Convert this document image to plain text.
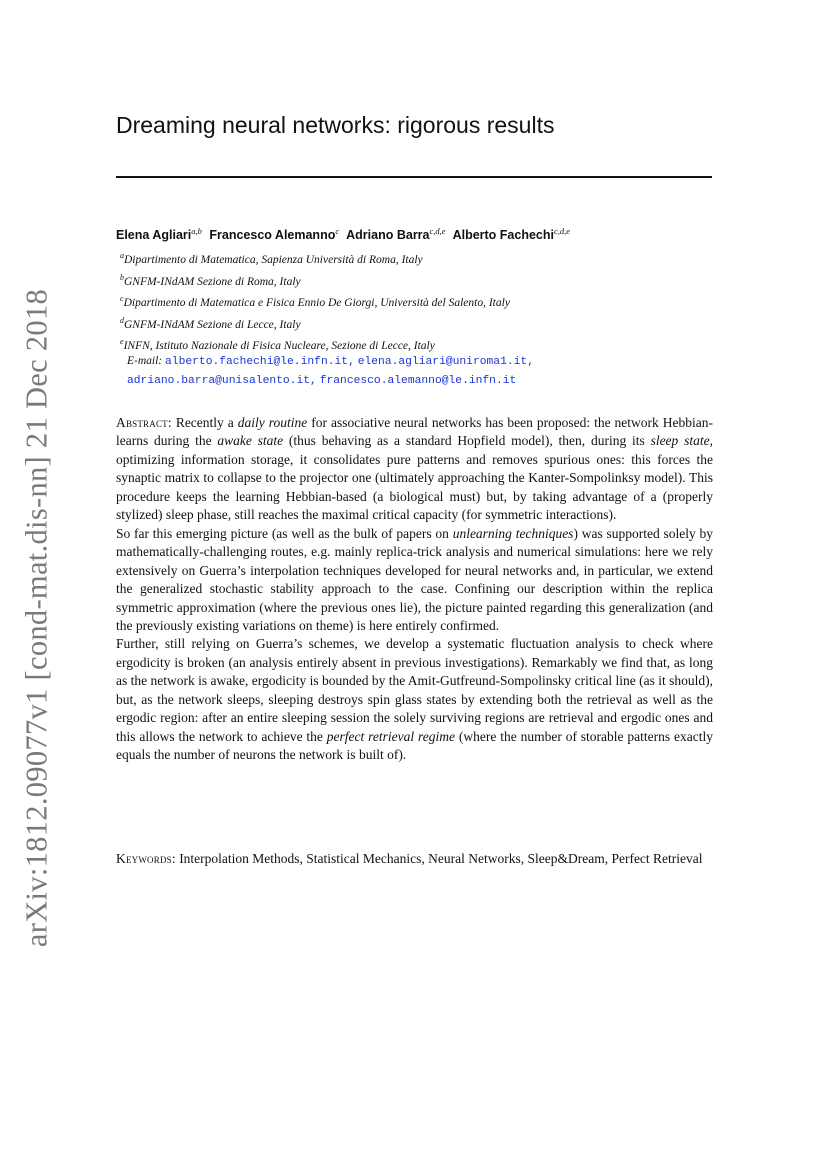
arXiv:1812.09077v1 [cond-mat.dis-nn] 21 Dec 2018
Dreaming neural networks: rigorous results
Elena Agliari$^{a,b}$ Francesco Alemanno$^c$ Adriano Barra$^{c,d,e}$ Alberto Fachechi$^{c,d,e}$
$^a$Dipartimento di Matematica, Sapienza Università di Roma, Italy
$^b$GNFM-INdAM Sezione di Roma, Italy
$^c$Dipartimento di Matematica e Fisica Ennio De Giorgi, Università del Salento, Italy
$^d$GNFM-INdAM Sezione di Lecce, Italy
$^e$INFN, Istituto Nazionale di Fisica Nucleare, Sezione di Lecce, Italy
E-mail: alberto.fachechi@le.infn.it, elena.agliari@uniroma1.it,
adriano.barra@unisalento.it, francesco.alemanno@le.infn.it

Abstract: Recently a daily routine for associative neural networks has been proposed: the network Hebbian-learns during the awake state (thus behaving as a standard Hopfield model), then, during its sleep state, optimizing information storage, it consolidates pure patterns and removes spurious ones: this forces the synaptic matrix to collapse to the projector one (ultimately approaching the Kanter-Sompolinksy model). This procedure keeps the learning Hebbian-based (a biological must) but, by taking advantage of a (properly stylized) sleep phase, still reaches the maximal critical capacity (for symmetric interactions).

So far this emerging picture (as well as the bulk of papers on unlearning techniques) was supported solely by mathematically-challenging routes, e.g. mainly replica-trick analysis and numerical simulations: here we rely extensively on Guerra’s interpolation techniques developed for neural networks and, in particular, we extend the generalized stochastic stability approach to the case. Confining our description within the replica symmetric approximation (where the previous ones lie), the picture painted regarding this generalization (and the previously existing variations on theme) is here entirely confirmed.

Further, still relying on Guerra’s schemes, we develop a systematic fluctuation analysis to check where ergodicity is broken (an analysis entirely absent in previous investigations). Remarkably we find that, as long as the network is awake, ergodicity is bounded by the Amit-Gutfreund-Sompolinsky critical line (as it should), but, as the network sleeps, sleeping destroys spin glass states by extending both the retrieval as well as the ergodic region: after an entire sleeping session the solely surviving regions are retrieval and ergodic ones and this allows the network to achieve the perfect retrieval regime (where the number of storable patterns exactly equals the number of neurons the network is built of).

Keywords: Interpolation Methods, Statistical Mechanics, Neural Networks, Sleep&Dream, Perfect Retrieval
